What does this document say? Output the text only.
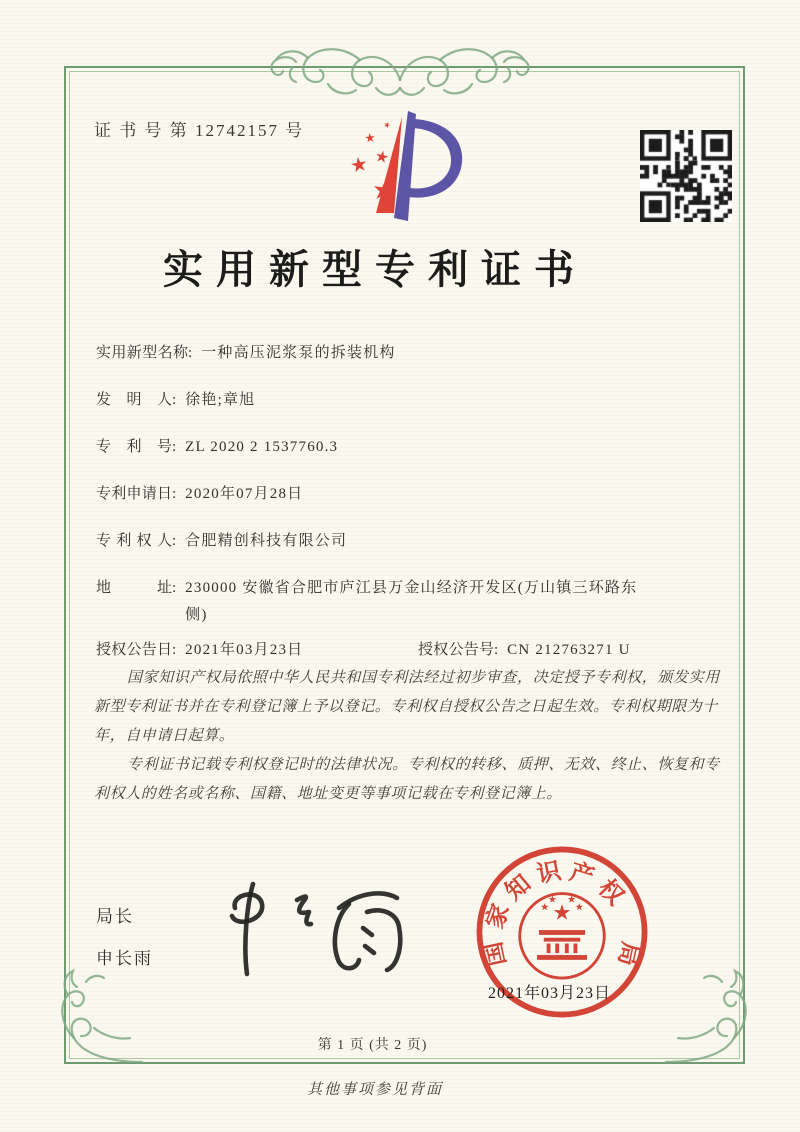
证 书 号 第 12742157 号
实用新型专利证书
实用新型名称 : 一种高压泥浆泵的拆装机构
发明人 : 徐艳;章旭
专利号 : ZL 2020 2 1537760.3
专利申请日 : 2020年07月28日
专利权人 : 合肥精创科技有限公司
地址 : 230000 安徽省合肥市庐江县万金山经济开发区(万山镇三环路东侧)
授权公告日 : 2021年03月23日	授权公告号 : CN 212763271 U

国家知识产权局依照中华人民共和国专利法经过初步审查，决定授予专利权，颁发实用新型专利证书并在专利登记簿上予以登记。专利权自授权公告之日起生效。专利权期限为十年，自申请日起算。

专利证书记载专利权登记时的法律状况。专利权的转移、质押、无效、终止、恢复和专利权人的姓名或名称、国籍、地址变更等事项记载在专利登记簿上。

局长
申长雨	国
家
知
识 产
权
局
2021年03月23日
第 1 页 (共 2 页)
其他事项参见背面
